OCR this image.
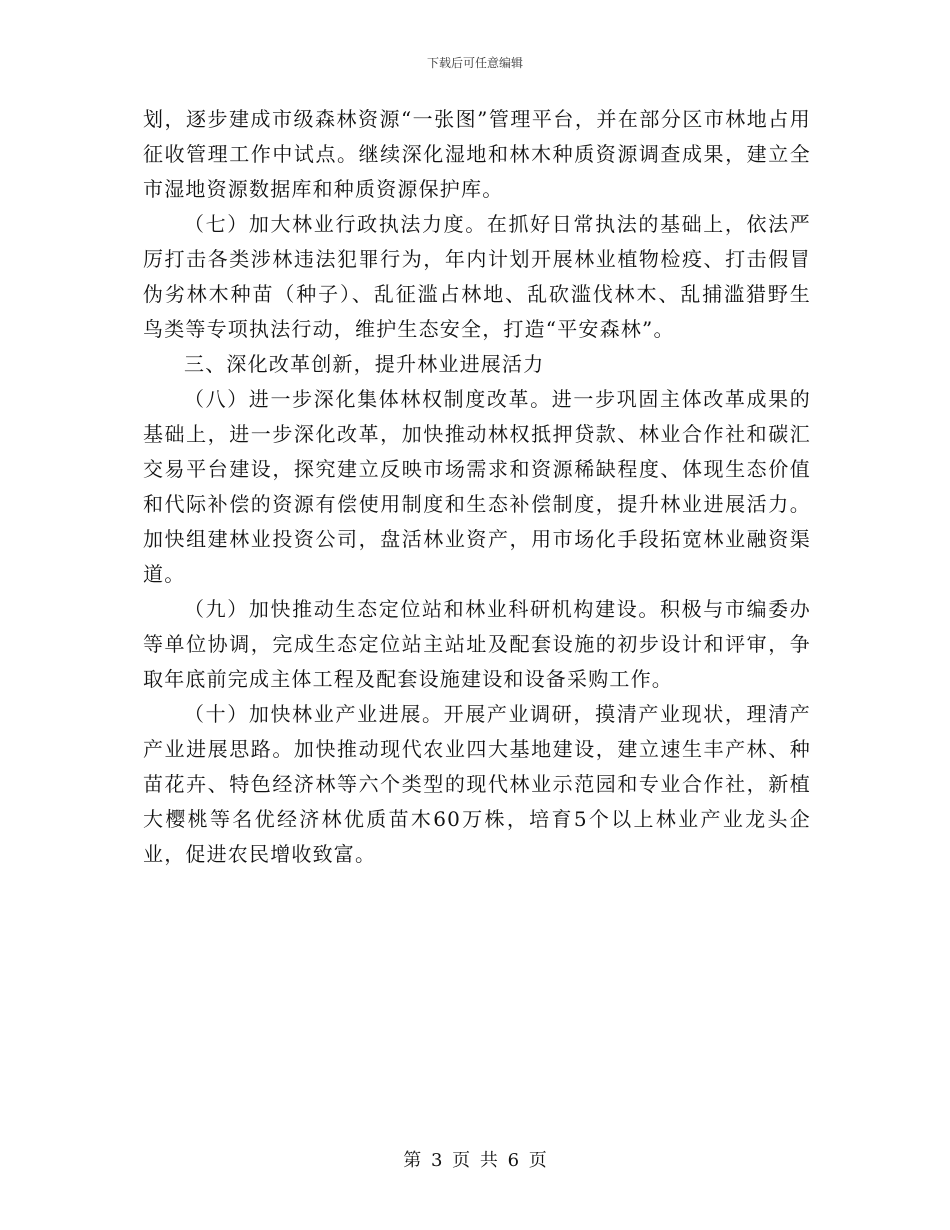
下载后可任意编辑

划，逐步建成市级森林资源“一张图”管理平台，并在部分区市林地占用征收管理工作中试点。继续深化湿地和林木种质资源调查成果，建立全市湿地资源数据库和种质资源保护库。

（七）加大林业行政执法力度。在抓好日常执法的基础上，依法严厉打击各类涉林违法犯罪行为，年内计划开展林业植物检疫、打击假冒伪劣林木种苗（种子）、乱征滥占林地、乱砍滥伐林木、乱捕滥猎野生鸟类等专项执法行动，维护生态安全，打造“平安森林”。

三、深化改革创新，提升林业进展活力

（八）进一步深化集体林权制度改革。进一步巩固主体改革成果的基础上，进一步深化改革，加快推动林权抵押贷款、林业合作社和碳汇交易平台建设，探究建立反映市场需求和资源稀缺程度、体现生态价值和代际补偿的资源有偿使用制度和生态补偿制度，提升林业进展活力。加快组建林业投资公司，盘活林业资产，用市场化手段拓宽林业融资渠道。

（九）加快推动生态定位站和林业科研机构建设。积极与市编委办等单位协调，完成生态定位站主站址及配套设施的初步设计和评审，争取年底前完成主体工程及配套设施建设和设备采购工作。

（十）加快林业产业进展。开展产业调研，摸清产业现状，理清产产业进展思路。加快推动现代农业四大基地建设，建立速生丰产林、种苗花卉、特色经济林等六个类型的现代林业示范园和专业合作社，新植大樱桃等名优经济林优质苗木60万株，培育5个以上林业产业龙头企业，促进农民增收致富。

第 3 页 共 6 页
